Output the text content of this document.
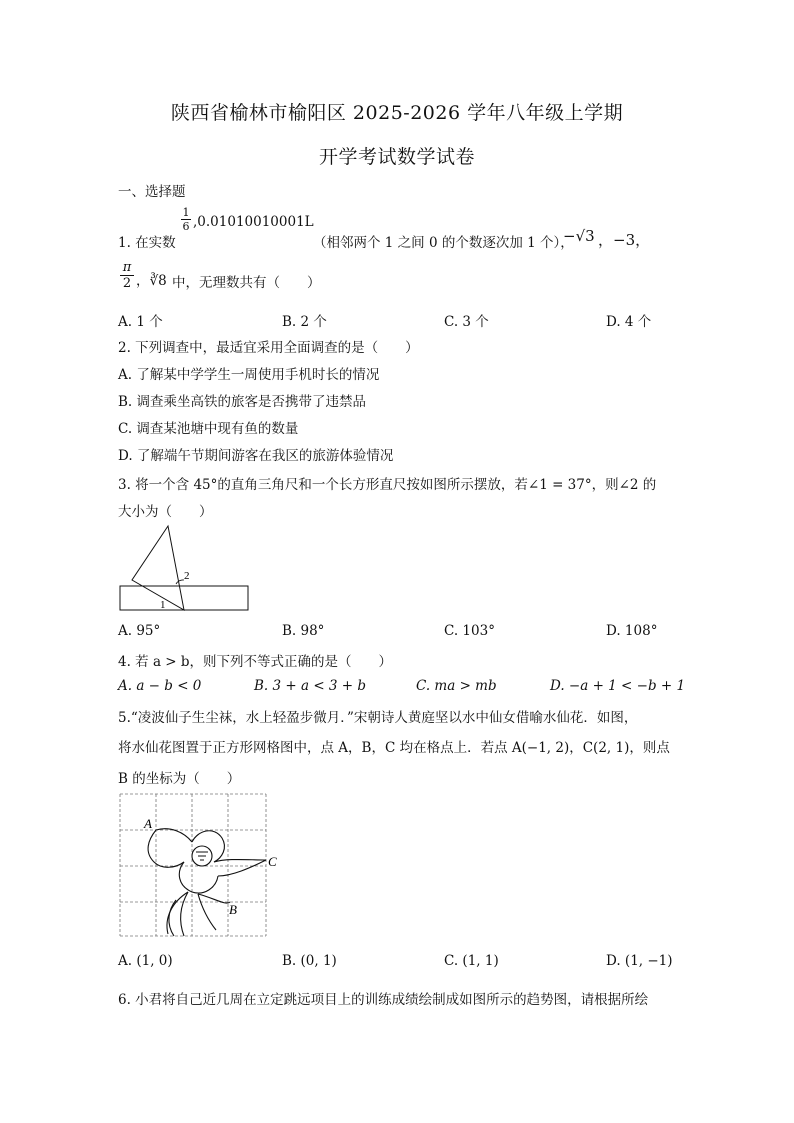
陕西省榆林市榆阳区 2025-2026 学年八年级上学期
开学考试数学试卷
一、选择题
1. 在实数
$\frac{1}{6} ,0.01010010001L$
（相邻两个 1 之间 0 的个数逐次加 1 个），
−√3 ，−3，
$\frac{\pi}{2}$ ，∛8 中，无理数共有（　　）
A. 1 个	B. 2 个	C. 3 个	D. 4 个
2. 下列调查中，最适宜采用全面调查的是（　　）
A. 了解某中学学生一周使用手机时长的情况
B. 调查乘坐高铁的旅客是否携带了违禁品
C. 调查某池塘中现有鱼的数量
D. 了解端午节期间游客在我区的旅游体验情况
3. 将一个含 45°的直角三角尺和一个长方形直尺按如图所示摆放，若∠1 = 37°，则∠2 的
大小为（　　）
2
1
A. 95°	B. 98°	C. 103°	D. 108°
4. 若 a > b，则下列不等式正确的是（　　）
A. a − b < 0	B. 3 + a < 3 + b	C. ma > mb	D. −a + 1 < −b + 1
5.“凌波仙子生尘袜，水上轻盈步微月．”宋朝诗人黄庭坚以水中仙女借喻水仙花．如图，
将水仙花图置于正方形网格图中，点 A，B，C 均在格点上．若点 A(−1, 2)，C(2, 1)，则点
B 的坐标为（　　）
A
B
C
A. (1, 0)	B. (0, 1)	C. (1, 1)	D. (1, −1)
6. 小君将自己近几周在立定跳远项目上的训练成绩绘制成如图所示的趋势图，请根据所绘
